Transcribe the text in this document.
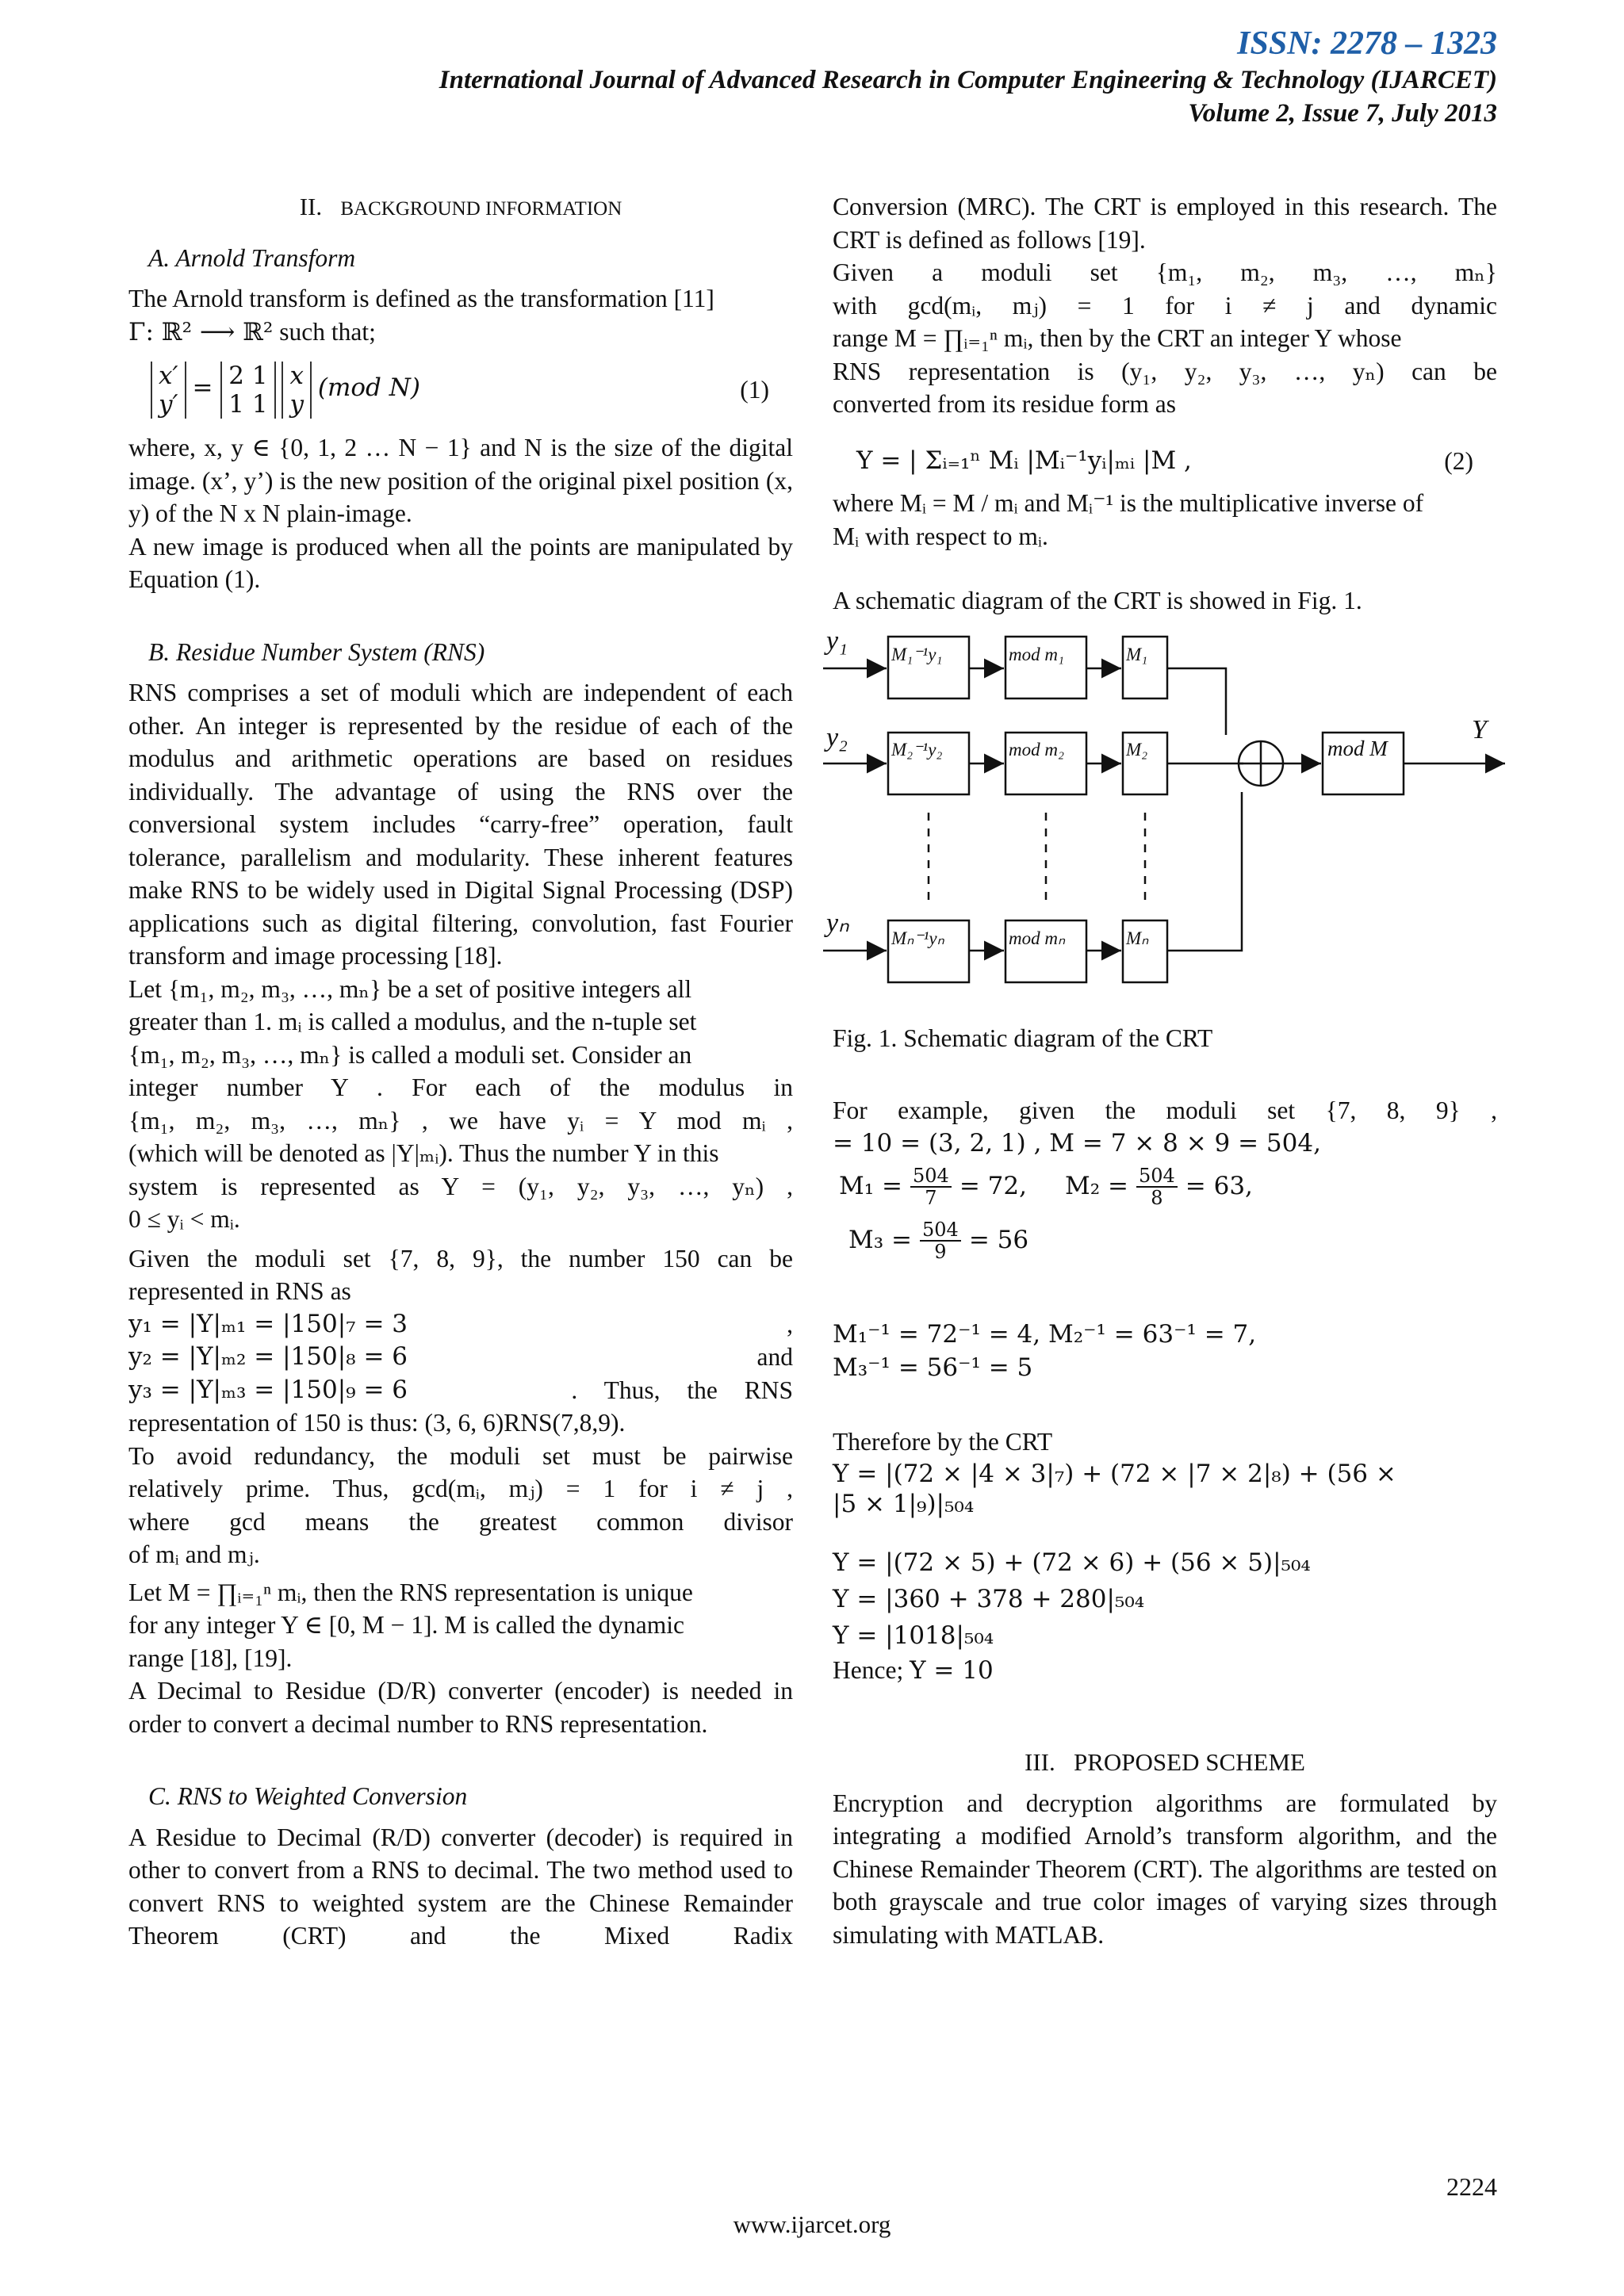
ISSN: 2278 – 1323
International Journal of Advanced Research in Computer Engineering & Technology (IJARCET)
Volume 2, Issue 7, July 2013

II. BACKGROUND INFORMATION

A. Arnold Transform

The Arnold transform is defined as the transformation [11]

Γ: ℝ² ⟶ ℝ² such that;

x′
y′ = 2 1
1 1 x
y (mod N)	(1)

where, x, y ∈ {0, 1, 2 … N − 1} and N is the size of the digital image. (x’, y’) is the new position of the original pixel position (x, y) of the N x N plain-image.

A new image is produced when all the points are manipulated by Equation (1).

B. Residue Number System (RNS)

RNS comprises a set of moduli which are independent of each other. An integer is represented by the residue of each of the modulus and arithmetic operations are based on residues individually. The advantage of using the RNS over the conversional system includes “carry-free” operation, fault tolerance, parallelism and modularity. These inherent features make RNS to be widely used in Digital Signal Processing (DSP) applications such as digital filtering, convolution, fast Fourier transform and image processing [18].

Let {m₁, m₂, m₃, …, mₙ} be a set of positive integers all

greater than 1. mᵢ is called a modulus, and the n-tuple set

{m₁, m₂, m₃, …, mₙ} is called a moduli set. Consider an

integer number Y . For each of the modulus in

{m₁, m₂, m₃, …, mₙ} , we have yᵢ = Y mod mᵢ ,

(which will be denoted as |Y|ₘᵢ). Thus the number Y in this

system is represented as Y = (y₁, y₂, y₃, …, yₙ) ,

0 ≤ yᵢ < mᵢ.

Given the moduli set {7, 8, 9}, the number 150 can be

represented in RNS as

y₁ = |Y|ₘ₁ = |150|₇ = 3	,
y₂ = |Y|ₘ₂ = |150|₈ = 6	and
y₃ = |Y|ₘ₃ = |150|₉ = 6	. Thus, the RNS

representation of 150 is thus: (3, 6, 6)RNS(7,8,9).

To avoid redundancy, the moduli set must be pairwise

relatively prime. Thus, gcd(mᵢ, mⱼ) = 1 for i ≠ j ,

where gcd means the greatest common divisor

of mᵢ and mⱼ.

Let M = ∏ᵢ₌₁ⁿ mᵢ, then the RNS representation is unique

for any integer Y ∈ [0, M − 1]. M is called the dynamic

range [18], [19].

A Decimal to Residue (D/R) converter (encoder) is needed in order to convert a decimal number to RNS representation.

C. RNS to Weighted Conversion

A Residue to Decimal (R/D) converter (decoder) is required in other to convert from a RNS to decimal. The two method used to convert RNS to weighted system are the Chinese Remainder Theorem (CRT) and the Mixed Radix

Conversion (MRC). The CRT is employed in this research. The CRT is defined as follows [19].

Given a moduli set {m₁, m₂, m₃, …, mₙ}

with gcd(mᵢ, mⱼ) = 1 for i ≠ j and dynamic

range M = ∏ᵢ₌₁ⁿ mᵢ, then by the CRT an integer Y whose

RNS representation is (y₁, y₂, y₃, …, yₙ) can be

converted from its residue form as

Y = | Σᵢ₌₁ⁿ Mᵢ |Mᵢ⁻¹yᵢ|ₘᵢ |M ,	(2)

where Mᵢ = M / mᵢ and Mᵢ⁻¹ is the multiplicative inverse of

Mᵢ with respect to mᵢ.

A schematic diagram of the CRT is showed in Fig. 1.

y₁
y₂
yₙ
Y
M₁⁻¹y₁	mod m₁	M₁
M₂⁻¹y₂	mod m₂	M₂
Mₙ⁻¹yₙ	mod mₙ	Mₙ
mod M

Fig. 1. Schematic diagram of the CRT

For example, given the moduli set {7, 8, 9} ,

= 10 = (3, 2, 1) , M = 7 × 8 × 9 = 504,

$M_1 = \frac{504}{7} = 72$, $M_2 = \frac{504}{8} = 63$,
$M_3 = \frac{504}{9} = 56$

M₁⁻¹ = 72⁻¹ = 4, M₂⁻¹ = 63⁻¹ = 7,

M₃⁻¹ = 56⁻¹ = 5

Therefore by the CRT

Y = |(72 × |4 × 3|₇) + (72 × |7 × 2|₈) + (56 ×

|5 × 1|₉)|₅₀₄

Y = |(72 × 5) + (72 × 6) + (56 × 5)|₅₀₄

Y = |360 + 378 + 280|₅₀₄

Y = |1018|₅₀₄

Hence; Y = 10

III. PROPOSED SCHEME

Encryption and decryption algorithms are formulated by integrating a modified Arnold’s transform algorithm, and the Chinese Remainder Theorem (CRT). The algorithms are tested on both grayscale and true color images of varying sizes through simulating with MATLAB.

2224
www.ijarcet.org
